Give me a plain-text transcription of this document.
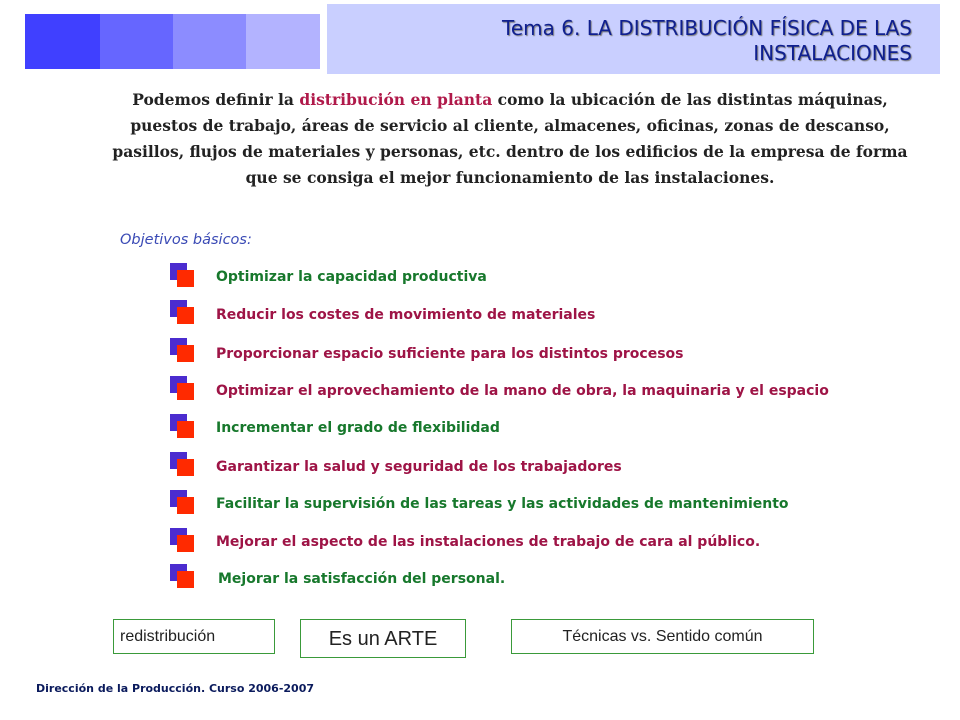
Tema 6. LA DISTRIBUCIÓN FÍSICA DE LAS
INSTALACIONES
Podemos definir la distribución en planta como la ubicación de las distintas máquinas, puestos de trabajo, áreas de servicio al cliente, almacenes, oficinas, zonas de descanso, pasillos, flujos de materiales y personas, etc. dentro de los edificios de la empresa de forma que se consiga el mejor funcionamiento de las instalaciones.
Objetivos básicos:
Optimizar la capacidad productiva
Reducir los costes de movimiento de materiales
Proporcionar espacio suficiente para los distintos procesos
Optimizar el aprovechamiento de la mano de obra, la maquinaria y el espacio
Incrementar el grado de flexibilidad
Garantizar la salud y seguridad de los trabajadores
Facilitar la supervisión de las tareas y las actividades de mantenimiento
Mejorar el aspecto de las instalaciones de trabajo de cara al público.
Mejorar la satisfacción del personal.
redistribución	Es un ARTE	Técnicas vs. Sentido común
Dirección de la Producción. Curso 2006-2007
